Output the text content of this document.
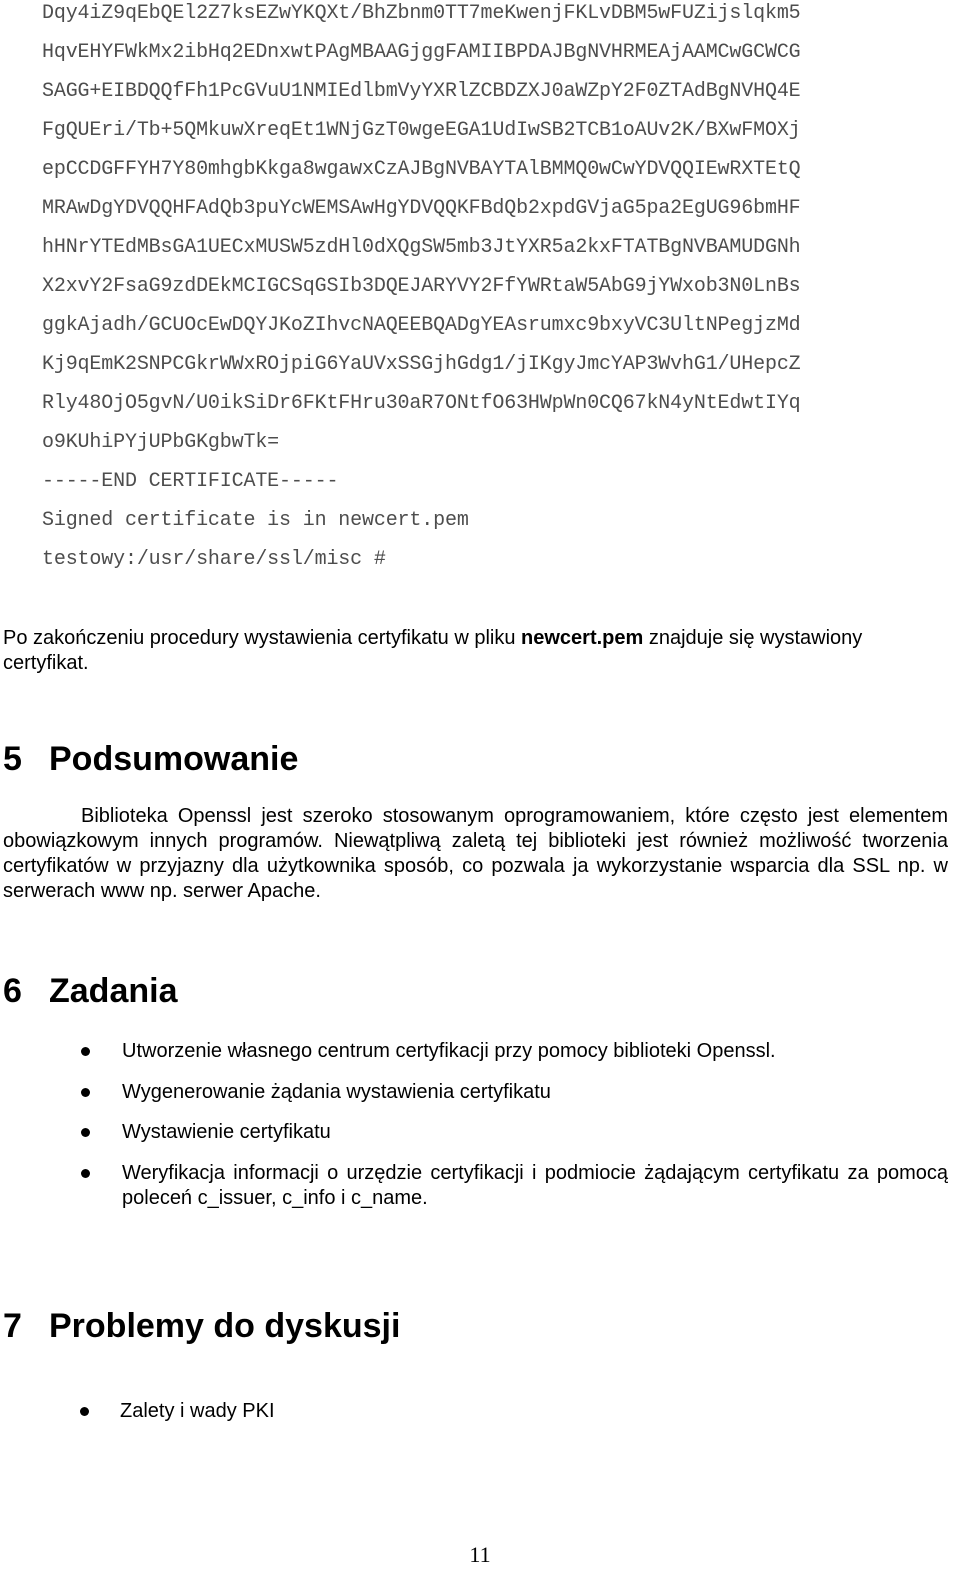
Dqy4iZ9qEbQEl2Z7ksEZwYKQXt/BhZbnm0TT7meKwenjFKLvDBM5wFUZijslqkm5
HqvEHYFWkMx2ibHq2EDnxwtPAgMBAAGjggFAMIIBPDAJBgNVHRMEAjAAMCwGCWCG
SAGG+EIBDQQfFh1PcGVuU1NMIEdlbmVyYXRlZCBDZXJ0aWZpY2F0ZTAdBgNVHQ4E
FgQUEri/Tb+5QMkuwXreqEt1WNjGzT0wgeEGA1UdIwSB2TCB1oAUv2K/BXwFMOXj
epCCDGFFYH7Y80mhgbKkga8wgawxCzAJBgNVBAYTAlBMMQ0wCwYDVQQIEwRXTEtQ
MRAwDgYDVQQHFAdQb3puYcWEMSAwHgYDVQQKFBdQb2xpdGVjaG5pa2EgUG96bmHF
hHNrYTEdMBsGA1UECxMUSW5zdHl0dXQgSW5mb3JtYXR5a2kxFTATBgNVBAMUDGNh
X2xvY2FsaG9zdDEkMCIGCSqGSIb3DQEJARYVY2FfYWRtaW5AbG9jYWxob3N0LnBs
ggkAjadh/GCUOcEwDQYJKoZIhvcNAQEEBQADgYEAsrumxc9bxyVC3UltNPegjzMd
Kj9qEmK2SNPCGkrWWxROjpiG6YaUVxSSGjhGdg1/jIKgyJmcYAP3WvhG1/UHepcZ
Rly48OjO5gvN/U0ikSiDr6FKtFHru30aR7ONtfO63HWpWn0CQ67kN4yNtEdwtIYq
o9KUhiPYjUPbGKgbwTk=
-----END CERTIFICATE-----
Signed certificate is in newcert.pem
testowy:/usr/share/ssl/misc #

Po zakończeniu procedury wystawienia certyfikatu w pliku newcert.pem znajduje się wystawiony certyfikat.

5 Podsumowanie

Biblioteka Openssl jest szeroko stosowanym oprogramowaniem, które często jest elementem obowiązkowym innych programów. Niewątpliwą zaletą tej biblioteki jest również możliwość tworzenia certyfikatów w przyjazny dla użytkownika sposób, co pozwala ja wykorzystanie wsparcia dla SSL np. w serwerach www np. serwer Apache.

6 Zadania
Utworzenie własnego centrum certyfikacji przy pomocy biblioteki Openssl.
Wygenerowanie żądania wystawienia certyfikatu
Wystawienie certyfikatu
Weryfikacja informacji o urzędzie certyfikacji i podmiocie żądającym certyfikatu za pomocą poleceń c_issuer, c_info i c_name.
7 Problemy do dyskusji
Zalety i wady PKI
11
